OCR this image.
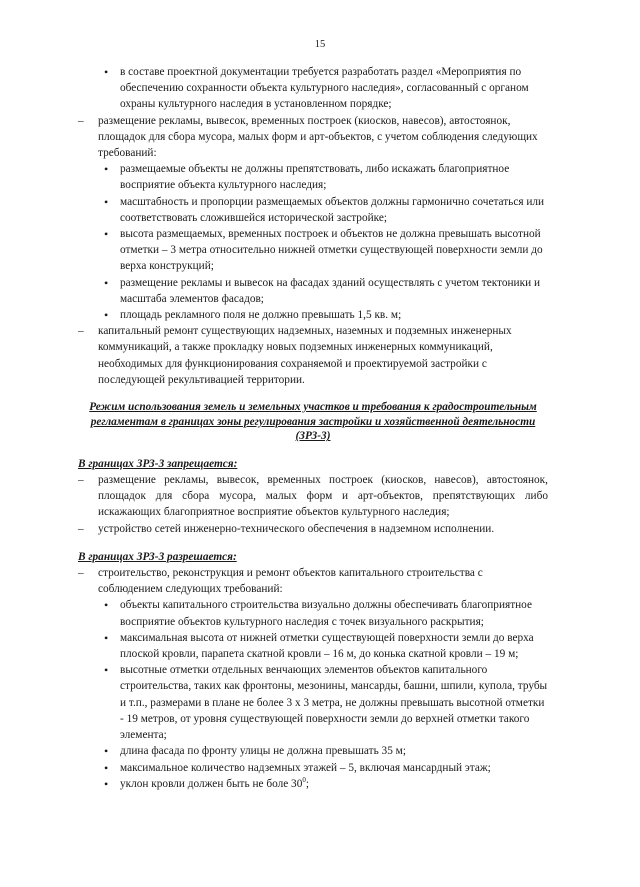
15

• в составе проектной документации требуется разработать раздел «Мероприятия по обеспечению сохранности объекта культурного наследия», согласованный с органом охраны культурного наследия в установленном порядке;

– размещение рекламы, вывесок, временных построек (киосков, навесов), автостоянок, площадок для сбора мусора, малых форм и арт-объектов, с учетом соблюдения следующих требований:

• размещаемые объекты не должны препятствовать, либо искажать благоприятное восприятие объекта культурного наследия;

• масштабность и пропорции размещаемых объектов должны гармонично сочетаться или соответствовать сложившейся исторической застройке;

• высота размещаемых, временных построек и объектов не должна превышать высотной отметки – 3 метра относительно нижней отметки существующей поверхности земли до верха конструкций;

• размещение рекламы и вывесок на фасадах зданий осуществлять с учетом тектоники и масштаба элементов фасадов;

• площадь рекламного поля не должно превышать 1,5 кв. м;

– капитальный ремонт существующих надземных, наземных и подземных инженерных коммуникаций, а также прокладку новых подземных инженерных коммуникаций, необходимых для функционирования сохраняемой и проектируемой застройки с последующей рекультивацией территории.

Режим использования земель и земельных участков и требования к градостроительным регламентам в границах зоны регулирования застройки и хозяйственной деятельности (ЗРЗ-3)

В границах ЗРЗ-3 запрещается:

– размещение рекламы, вывесок, временных построек (киосков, навесов), автостоянок, площадок для сбора мусора, малых форм и арт-объектов, препятствующих либо искажающих благоприятное восприятие объектов культурного наследия;

– устройство сетей инженерно-технического обеспечения в надземном исполнении.

В границах ЗРЗ-3 разрешается:

– строительство, реконструкция и ремонт объектов капитального строительства с соблюдением следующих требований:

• объекты капитального строительства визуально должны обеспечивать благоприятное восприятие объектов культурного наследия с точек визуального раскрытия;

• максимальная высота от нижней отметки существующей поверхности земли до верха плоской кровли, парапета скатной кровли – 16 м, до конька скатной кровли – 19 м;

• высотные отметки отдельных венчающих элементов объектов капитального строительства, таких как фронтоны, мезонины, мансарды, башни, шпили, купола, трубы и т.п., размерами в плане не более 3 х 3 метра, не должны превышать высотной отметки - 19 метров, от уровня существующей поверхности земли до верхней отметки такого элемента;

• длина фасада по фронту улицы не должна превышать 35 м;

• максимальное количество надземных этажей – 5, включая мансардный этаж;

• уклон кровли должен быть не боле $30^0$;
